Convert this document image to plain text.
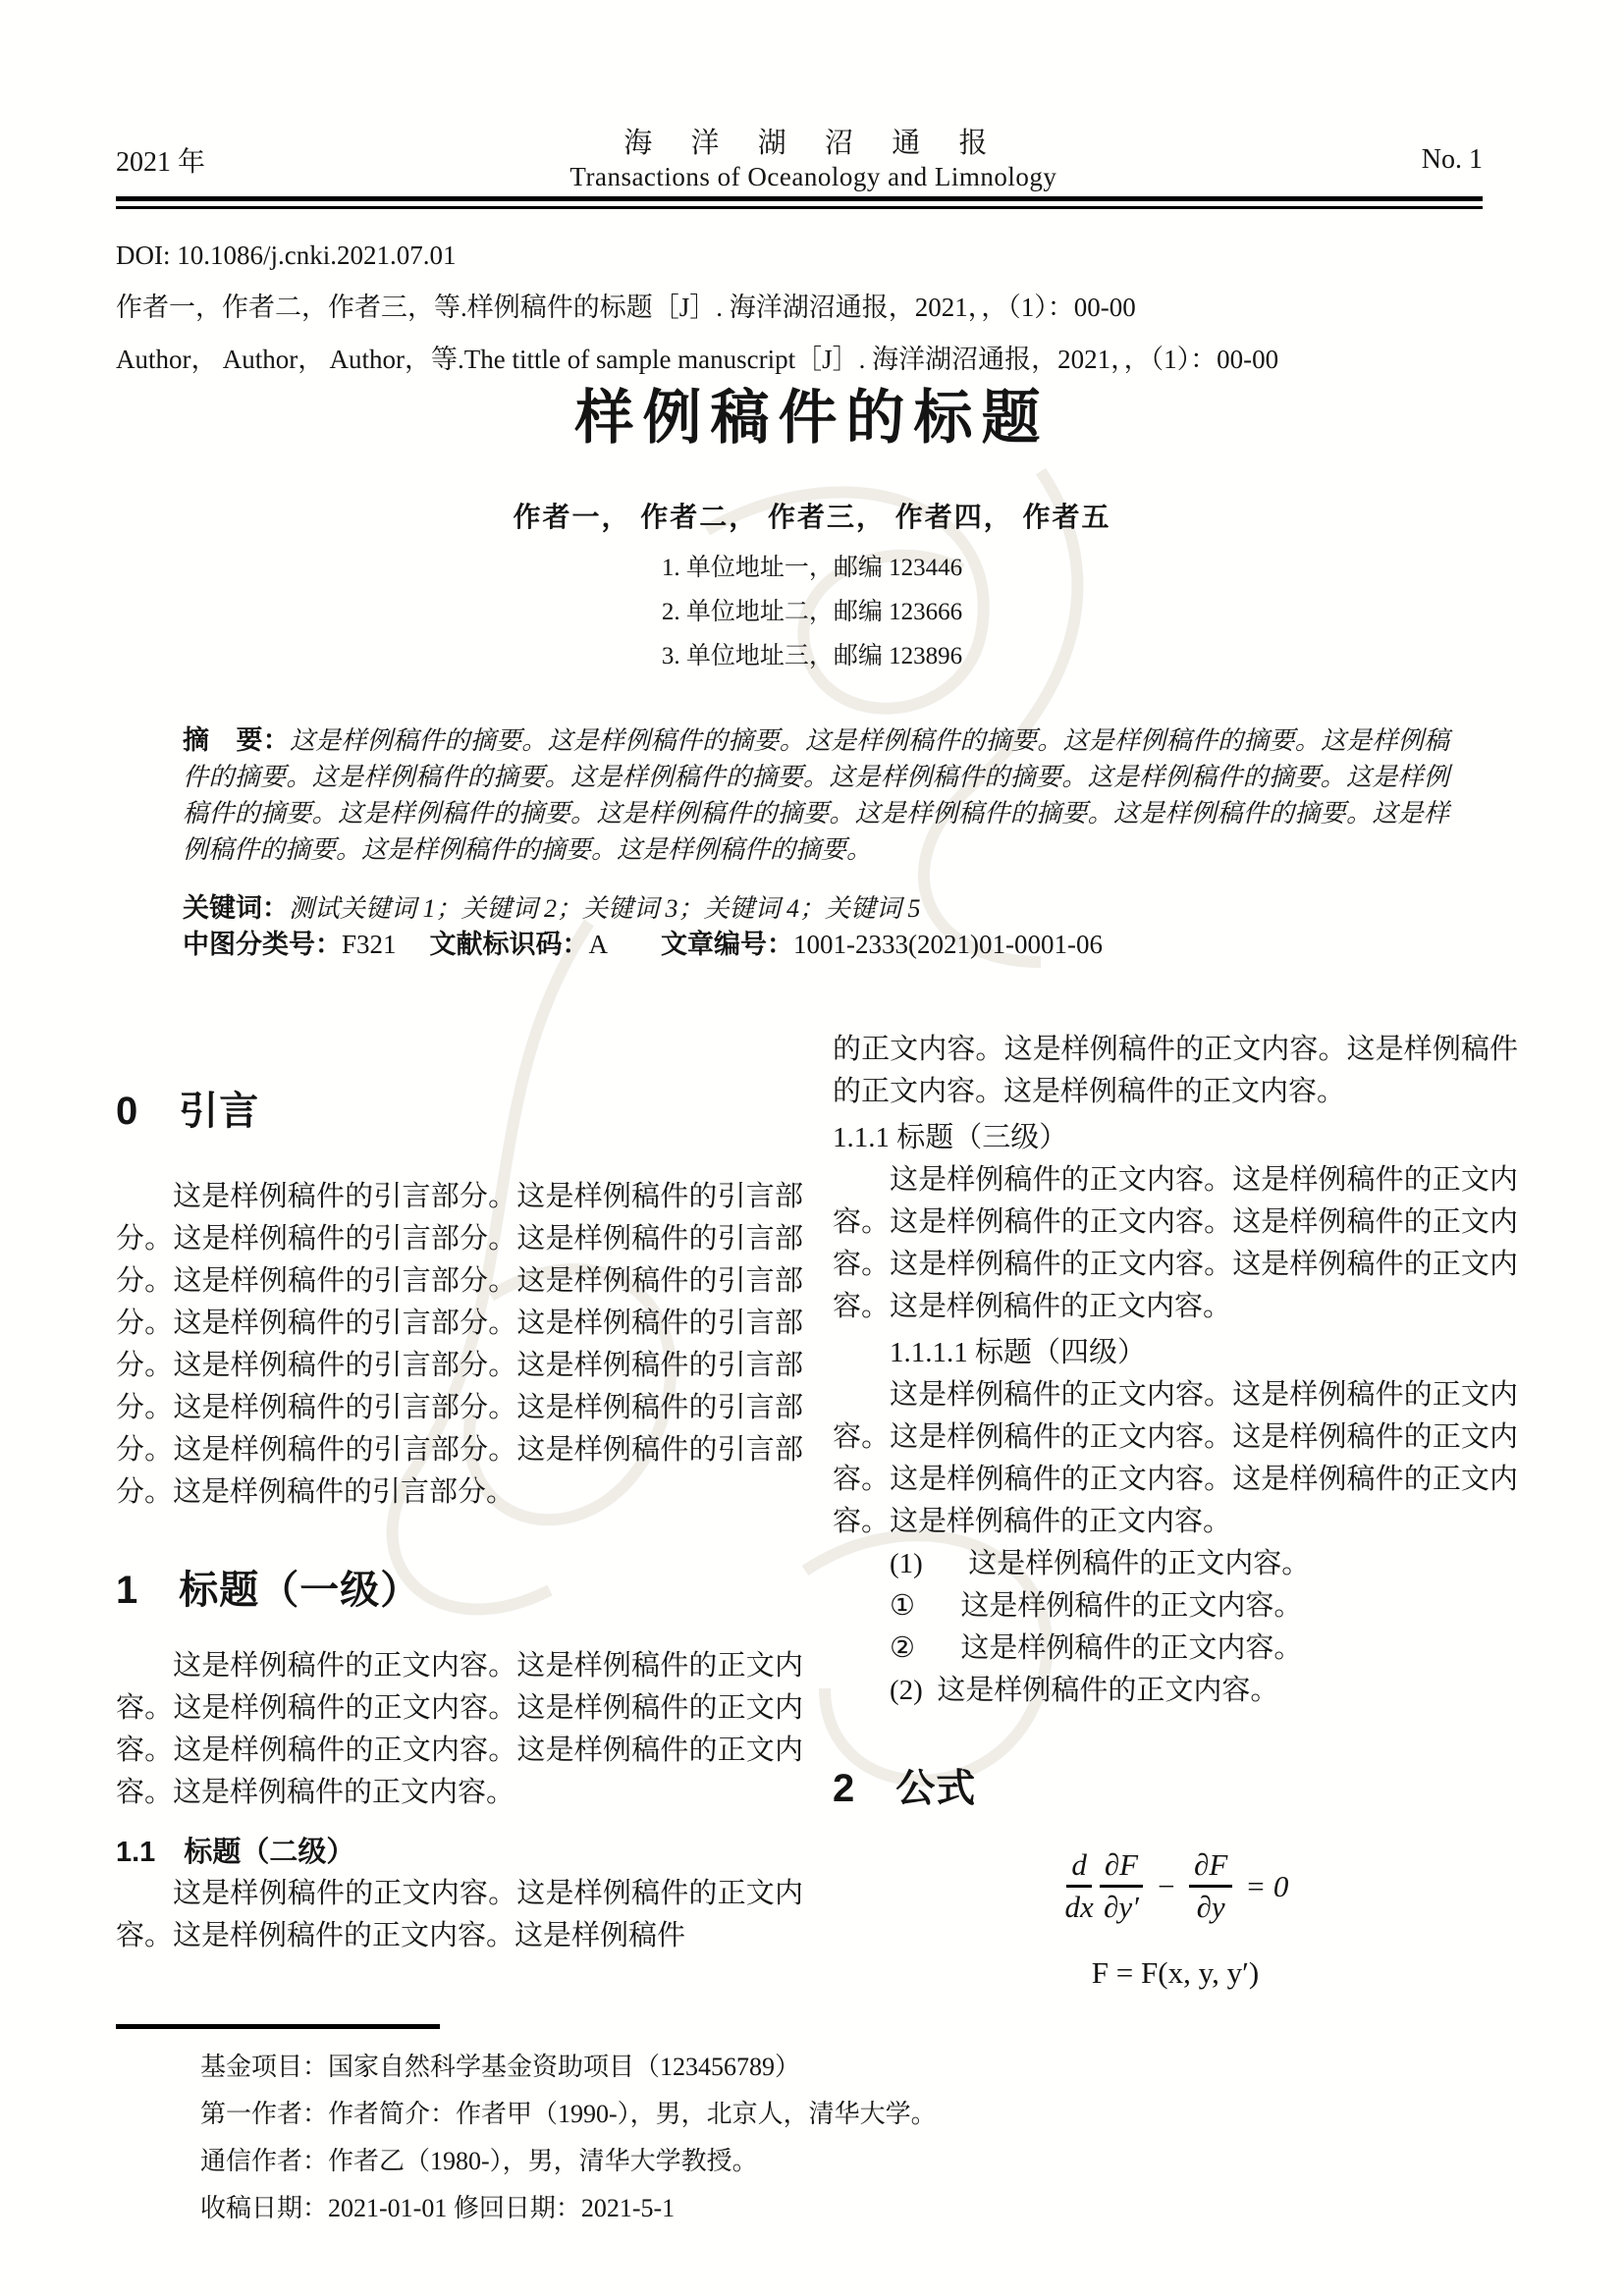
2021 年
海 洋 湖 沼 通 报
Transactions of Oceanology and Limnology
No. 1
DOI: 10.1086/j.cnki.2021.07.01
作者一，作者二，作者三，等.样例稿件的标题［J］. 海洋湖沼通报，2021，，（1）：00-00
Author， Author， Author，等.The tittle of sample manuscript［J］. 海洋湖沼通报，2021，，（1）：00-00
样例稿件的标题
作者一， 作者二， 作者三， 作者四， 作者五
1. 单位地址一，邮编 123446
2. 单位地址二，邮编 123666
3. 单位地址三，邮编 123896
摘　要：这是样例稿件的摘要。这是样例稿件的摘要。这是样例稿件的摘要。这是样例稿件的摘要。这是样例稿件的摘要。这是样例稿件的摘要。这是样例稿件的摘要。这是样例稿件的摘要。这是样例稿件的摘要。这是样例稿件的摘要。这是样例稿件的摘要。这是样例稿件的摘要。这是样例稿件的摘要。这是样例稿件的摘要。这是样例稿件的摘要。这是样例稿件的摘要。这是样例稿件的摘要。
关键词：测试关键词 1；关键词 2；关键词 3；关键词 4；关键词 5
中图分类号：F321 文献标识码：A 文章编号：1001-2333(2021)01-0001-06
0　引言

这是样例稿件的引言部分。这是样例稿件的引言部分。这是样例稿件的引言部分。这是样例稿件的引言部分。这是样例稿件的引言部分。这是样例稿件的引言部分。这是样例稿件的引言部分。这是样例稿件的引言部分。这是样例稿件的引言部分。这是样例稿件的引言部分。这是样例稿件的引言部分。这是样例稿件的引言部分。这是样例稿件的引言部分。这是样例稿件的引言部分。这是样例稿件的引言部分。

1　标题（一级）

这是样例稿件的正文内容。这是样例稿件的正文内容。这是样例稿件的正文内容。这是样例稿件的正文内容。这是样例稿件的正文内容。这是样例稿件的正文内容。这是样例稿件的正文内容。

1.1　标题（二级）

这是样例稿件的正文内容。这是样例稿件的正文内容。这是样例稿件的正文内容。这是样例稿件

的正文内容。这是样例稿件的正文内容。这是样例稿件的正文内容。这是样例稿件的正文内容。

1.1.1 标题（三级）

这是样例稿件的正文内容。这是样例稿件的正文内容。这是样例稿件的正文内容。这是样例稿件的正文内容。这是样例稿件的正文内容。这是样例稿件的正文内容。这是样例稿件的正文内容。

1.1.1.1 标题（四级）

这是样例稿件的正文内容。这是样例稿件的正文内容。这是样例稿件的正文内容。这是样例稿件的正文内容。这是样例稿件的正文内容。这是样例稿件的正文内容。这是样例稿件的正文内容。

(1) 这是样例稿件的正文内容。
① 这是样例稿件的正文内容。
② 这是样例稿件的正文内容。
(2) 这是样例稿件的正文内容。
2　公式
$\frac{d}{dx} \frac{\partial F}{\partial y'} - \frac{\partial F}{\partial y} = 0$
F = F(x, y, y′)
基金项目：国家自然科学基金资助项目（123456789）
第一作者：作者简介：作者甲（1990-），男，北京人，清华大学。
通信作者：作者乙（1980-），男，清华大学教授。
收稿日期：2021-01-01 修回日期：2021-5-1
